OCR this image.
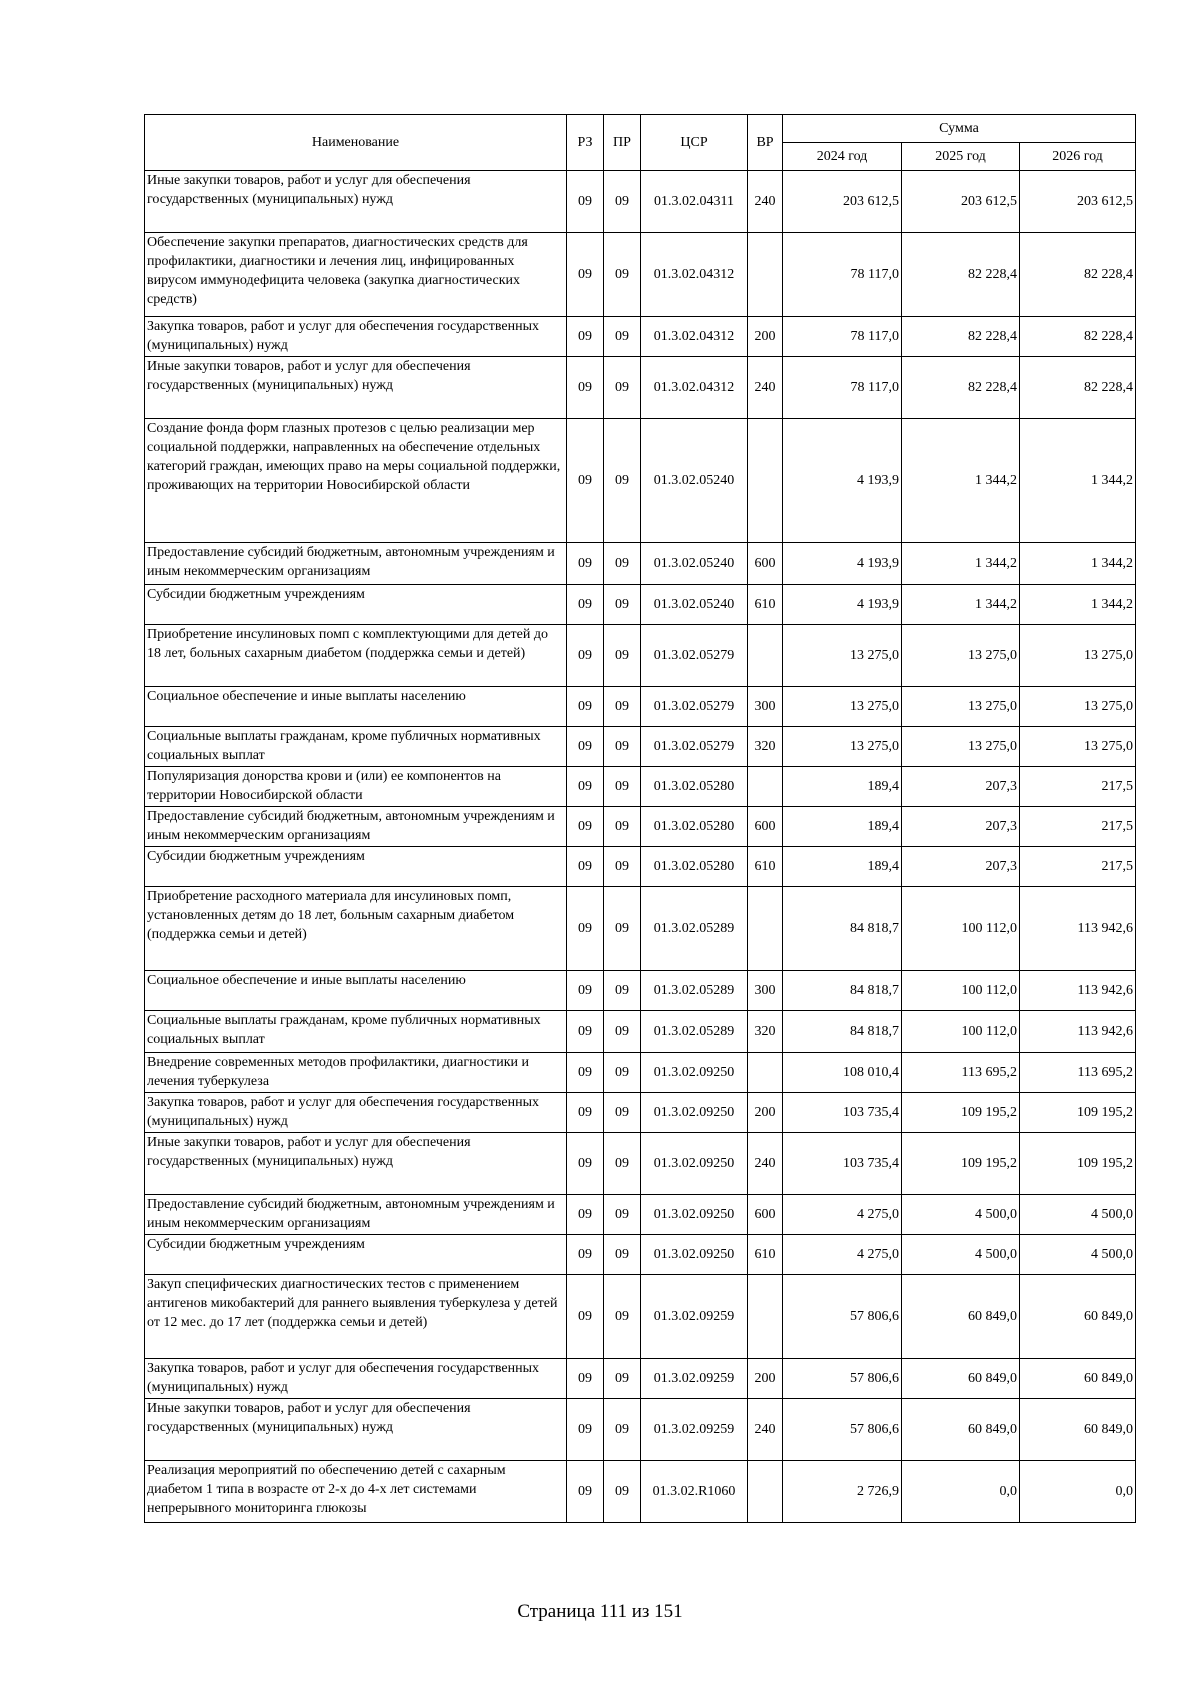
Наименование	РЗ	ПР	ЦСР	ВР	Сумма		
					2024 год	2025 год	2026 год
Иные закупки товаров, работ и услуг для обеспечения государственных (муниципальных) нужд	09	09	01.3.02.04311	240	203 612,5	203 612,5	203 612,5
Обеспечение закупки препаратов, диагностических средств для профилактики, диагностики и лечения лиц, инфицированных вирусом иммунодефицита человека (закупка диагностических средств)	09	09	01.3.02.04312		78 117,0	82 228,4	82 228,4
Закупка товаров, работ и услуг для обеспечения государственных (муниципальных) нужд	09	09	01.3.02.04312	200	78 117,0	82 228,4	82 228,4
Иные закупки товаров, работ и услуг для обеспечения государственных (муниципальных) нужд	09	09	01.3.02.04312	240	78 117,0	82 228,4	82 228,4
Создание фонда форм глазных протезов с целью реализации мер социальной поддержки, направленных на обеспечение отдельных категорий граждан, имеющих право на меры социальной поддержки, проживающих на территории Новосибирской области	09	09	01.3.02.05240		4 193,9	1 344,2	1 344,2
Предоставление субсидий бюджетным, автономным учреждениям и иным некоммерческим организациям	09	09	01.3.02.05240	600	4 193,9	1 344,2	1 344,2
Субсидии бюджетным учреждениям	09	09	01.3.02.05240	610	4 193,9	1 344,2	1 344,2
Приобретение инсулиновых помп с комплектующими для детей до 18 лет, больных сахарным диабетом (поддержка семьи и детей)	09	09	01.3.02.05279		13 275,0	13 275,0	13 275,0
Социальное обеспечение и иные выплаты населению	09	09	01.3.02.05279	300	13 275,0	13 275,0	13 275,0
Социальные выплаты гражданам, кроме публичных нормативных социальных выплат	09	09	01.3.02.05279	320	13 275,0	13 275,0	13 275,0
Популяризация донорства крови и (или) ее компонентов на территории Новосибирской области	09	09	01.3.02.05280		189,4	207,3	217,5
Предоставление субсидий бюджетным, автономным учреждениям и иным некоммерческим организациям	09	09	01.3.02.05280	600	189,4	207,3	217,5
Субсидии бюджетным учреждениям	09	09	01.3.02.05280	610	189,4	207,3	217,5
Приобретение расходного материала для инсулиновых помп, установленных детям до 18 лет, больным сахарным диабетом (поддержка семьи и детей)	09	09	01.3.02.05289		84 818,7	100 112,0	113 942,6
Социальное обеспечение и иные выплаты населению	09	09	01.3.02.05289	300	84 818,7	100 112,0	113 942,6
Социальные выплаты гражданам, кроме публичных нормативных социальных выплат	09	09	01.3.02.05289	320	84 818,7	100 112,0	113 942,6
Внедрение современных методов профилактики, диагностики и лечения туберкулеза	09	09	01.3.02.09250		108 010,4	113 695,2	113 695,2
Закупка товаров, работ и услуг для обеспечения государственных (муниципальных) нужд	09	09	01.3.02.09250	200	103 735,4	109 195,2	109 195,2
Иные закупки товаров, работ и услуг для обеспечения государственных (муниципальных) нужд	09	09	01.3.02.09250	240	103 735,4	109 195,2	109 195,2
Предоставление субсидий бюджетным, автономным учреждениям и иным некоммерческим организациям	09	09	01.3.02.09250	600	4 275,0	4 500,0	4 500,0
Субсидии бюджетным учреждениям	09	09	01.3.02.09250	610	4 275,0	4 500,0	4 500,0
Закуп специфических диагностических тестов с применением антигенов микобактерий для раннего выявления туберкулеза у детей от 12 мес. до 17 лет (поддержка семьи и детей)	09	09	01.3.02.09259		57 806,6	60 849,0	60 849,0
Закупка товаров, работ и услуг для обеспечения государственных (муниципальных) нужд	09	09	01.3.02.09259	200	57 806,6	60 849,0	60 849,0
Иные закупки товаров, работ и услуг для обеспечения государственных (муниципальных) нужд	09	09	01.3.02.09259	240	57 806,6	60 849,0	60 849,0
Реализация мероприятий по обеспечению детей с сахарным диабетом 1 типа в возрасте от 2-х до 4-х лет системами непрерывного мониторинга глюкозы	09	09	01.3.02.R1060		2 726,9	0,0	0,0
Страница 111 из 151
